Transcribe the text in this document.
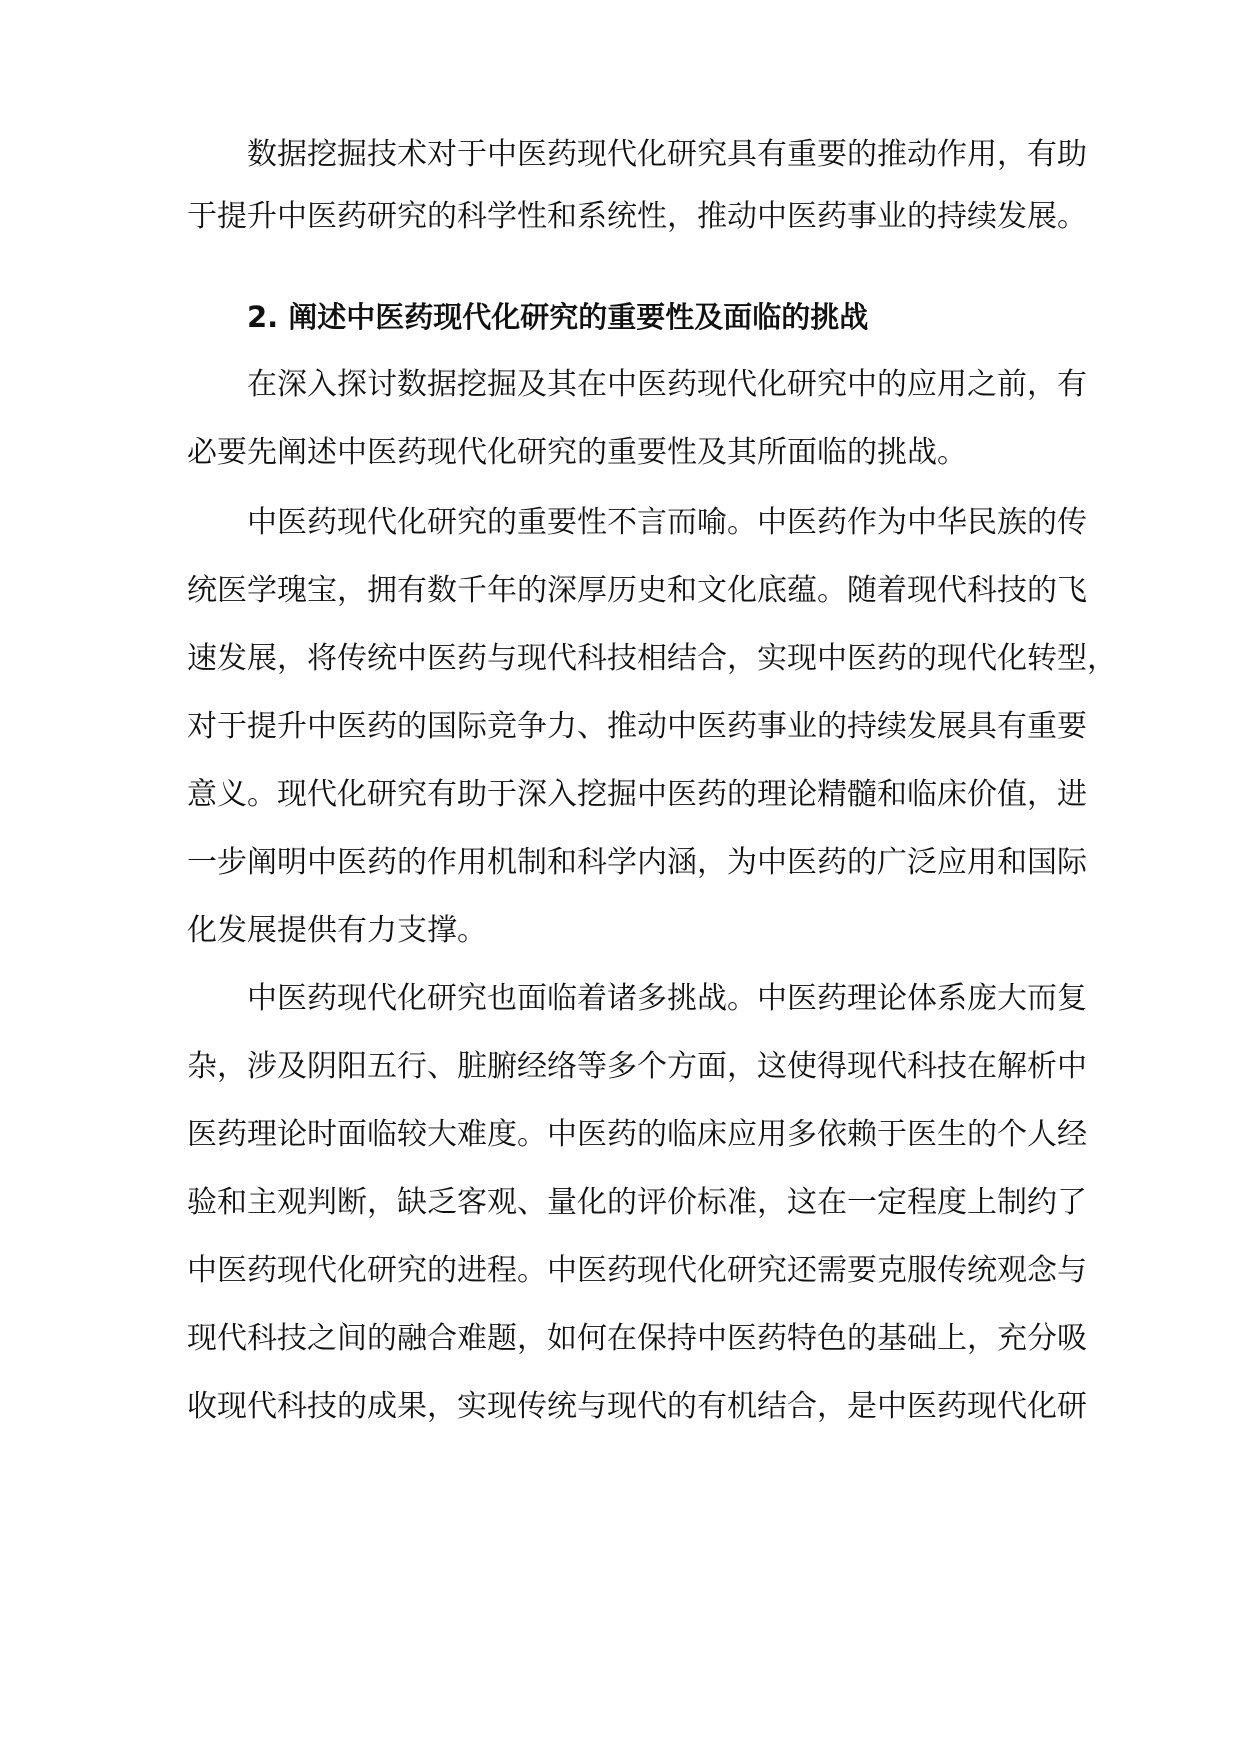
数据挖掘技术对于中医药现代化研究具有重要的推动作用，有助
于提升中医药研究的科学性和系统性，推动中医药事业的持续发展。
2. 阐述中医药现代化研究的重要性及面临的挑战
在深入探讨数据挖掘及其在中医药现代化研究中的应用之前，有
必要先阐述中医药现代化研究的重要性及其所面临的挑战。
中医药现代化研究的重要性不言而喻。中医药作为中华民族的传
统医学瑰宝，拥有数千年的深厚历史和文化底蕴。随着现代科技的飞
速发展，将传统中医药与现代科技相结合，实现中医药的现代化转型，
对于提升中医药的国际竞争力、推动中医药事业的持续发展具有重要
意义。现代化研究有助于深入挖掘中医药的理论精髓和临床价值，进
一步阐明中医药的作用机制和科学内涵，为中医药的广泛应用和国际
化发展提供有力支撑。
中医药现代化研究也面临着诸多挑战。中医药理论体系庞大而复
杂，涉及阴阳五行、脏腑经络等多个方面，这使得现代科技在解析中
医药理论时面临较大难度。中医药的临床应用多依赖于医生的个人经
验和主观判断，缺乏客观、量化的评价标准，这在一定程度上制约了
中医药现代化研究的进程。中医药现代化研究还需要克服传统观念与
现代科技之间的融合难题，如何在保持中医药特色的基础上，充分吸
收现代科技的成果，实现传统与现代的有机结合，是中医药现代化研
